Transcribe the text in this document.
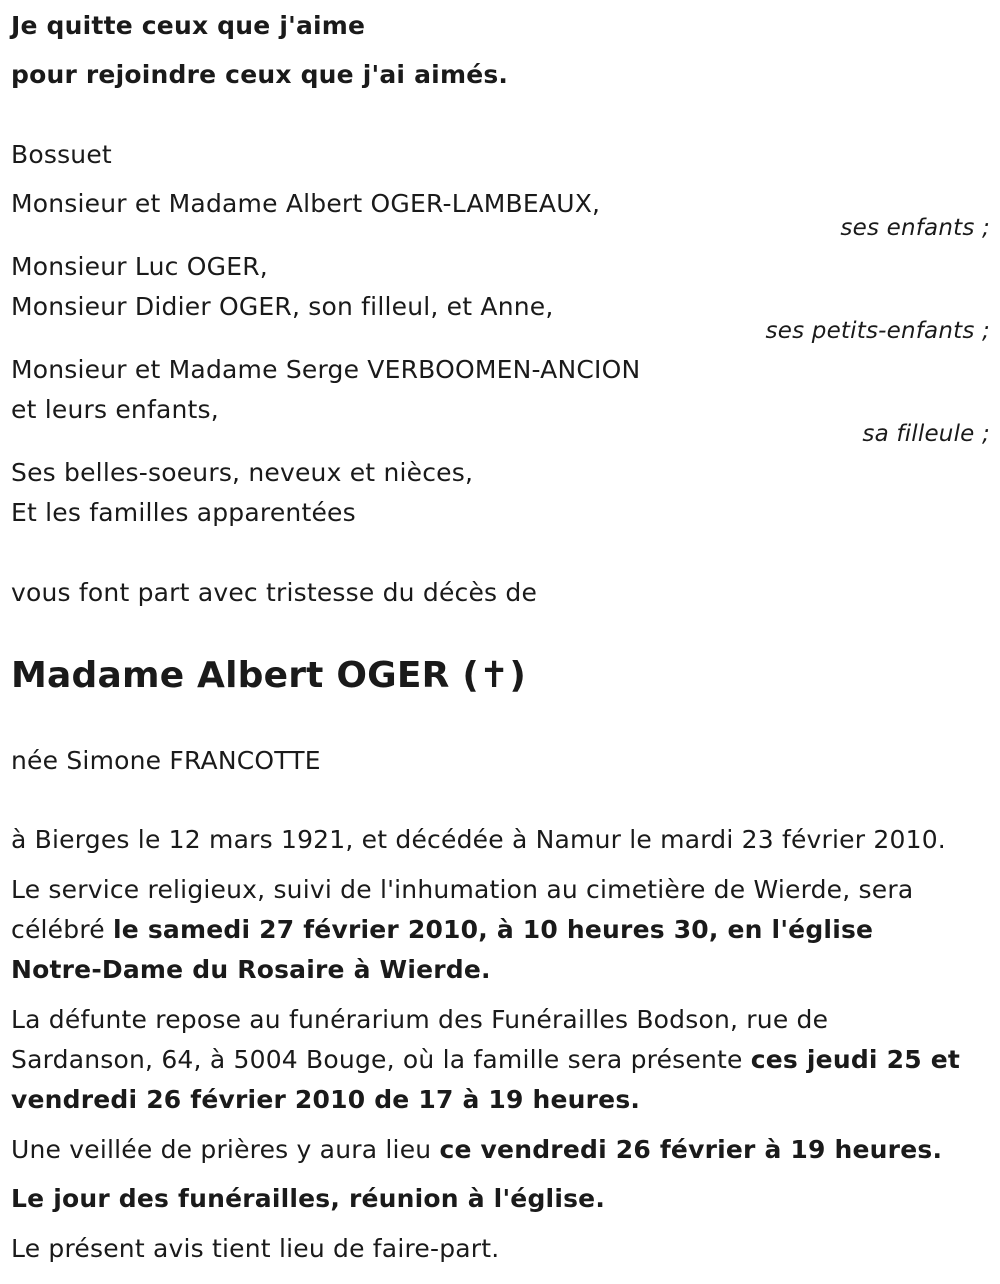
Je quitte ceux que j'aime
pour rejoindre ceux que j'ai aimés.
Bossuet
Monsieur et Madame Albert OGER-LAMBEAUX,
ses enfants ;
Monsieur Luc OGER,
Monsieur Didier OGER, son filleul, et Anne,
ses petits-enfants ;
Monsieur et Madame Serge VERBOOMEN-ANCION
et leurs enfants,
sa filleule ;
Ses belles-soeurs, neveux et nièces,
Et les familles apparentées
vous font part avec tristesse du décès de
Madame Albert OGER (✝)
née Simone FRANCOTTE
à Bierges le 12 mars 1921, et décédée à Namur le mardi 23 février 2010.
Le service religieux, suivi de l'inhumation au cimetière de Wierde, sera
célébré le samedi 27 février 2010, à 10 heures 30, en l'église
Notre-Dame du Rosaire à Wierde.
La défunte repose au funérarium des Funérailles Bodson, rue de
Sardanson, 64, à 5004 Bouge, où la famille sera présente ces jeudi 25 et
vendredi 26 février 2010 de 17 à 19 heures.
Une veillée de prières y aura lieu ce vendredi 26 février à 19 heures.
Le jour des funérailles, réunion à l'église.
Le présent avis tient lieu de faire-part.
